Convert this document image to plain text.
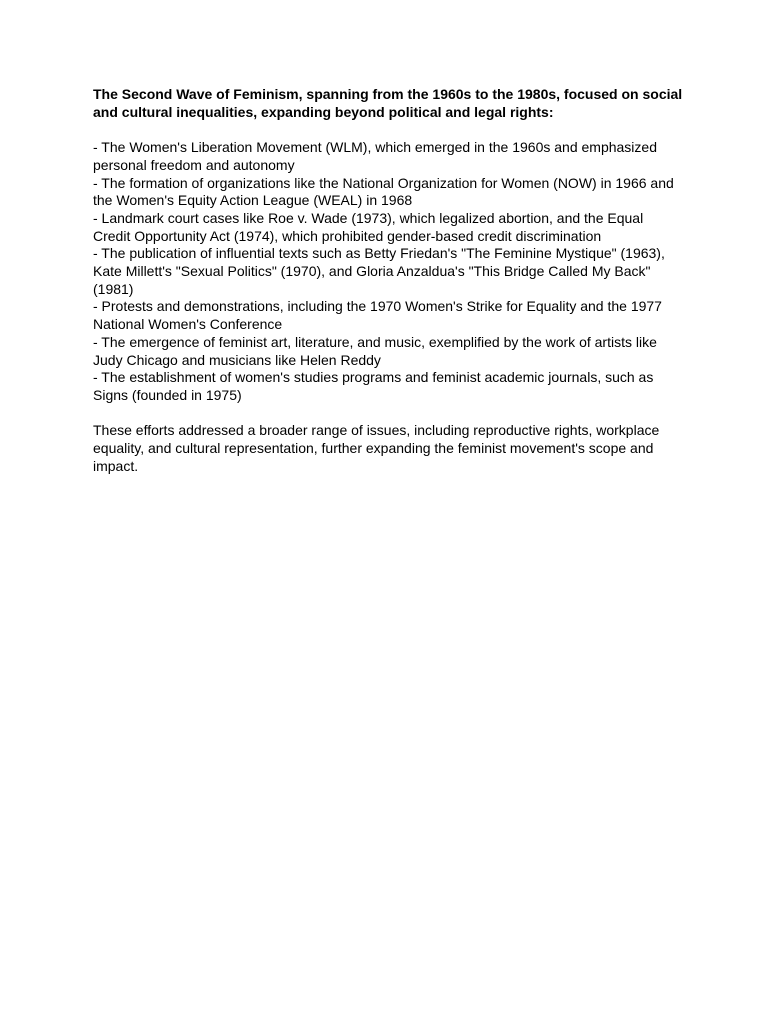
The Second Wave of Feminism, spanning from the 1960s to the 1980s, focused on social and cultural inequalities, expanding beyond political and legal rights:

- The Women's Liberation Movement (WLM), which emerged in the 1960s and emphasized personal freedom and autonomy
- The formation of organizations like the National Organization for Women (NOW) in 1966 and the Women's Equity Action League (WEAL) in 1968
- Landmark court cases like Roe v. Wade (1973), which legalized abortion, and the Equal Credit Opportunity Act (1974), which prohibited gender-based credit discrimination
- The publication of influential texts such as Betty Friedan's "The Feminine Mystique" (1963), Kate Millett's "Sexual Politics" (1970), and Gloria Anzaldua's "This Bridge Called My Back" (1981)
- Protests and demonstrations, including the 1970 Women's Strike for Equality and the 1977 National Women's Conference
- The emergence of feminist art, literature, and music, exemplified by the work of artists like Judy Chicago and musicians like Helen Reddy
- The establishment of women's studies programs and feminist academic journals, such as Signs (founded in 1975)

These efforts addressed a broader range of issues, including reproductive rights, workplace equality, and cultural representation, further expanding the feminist movement's scope and impact.
